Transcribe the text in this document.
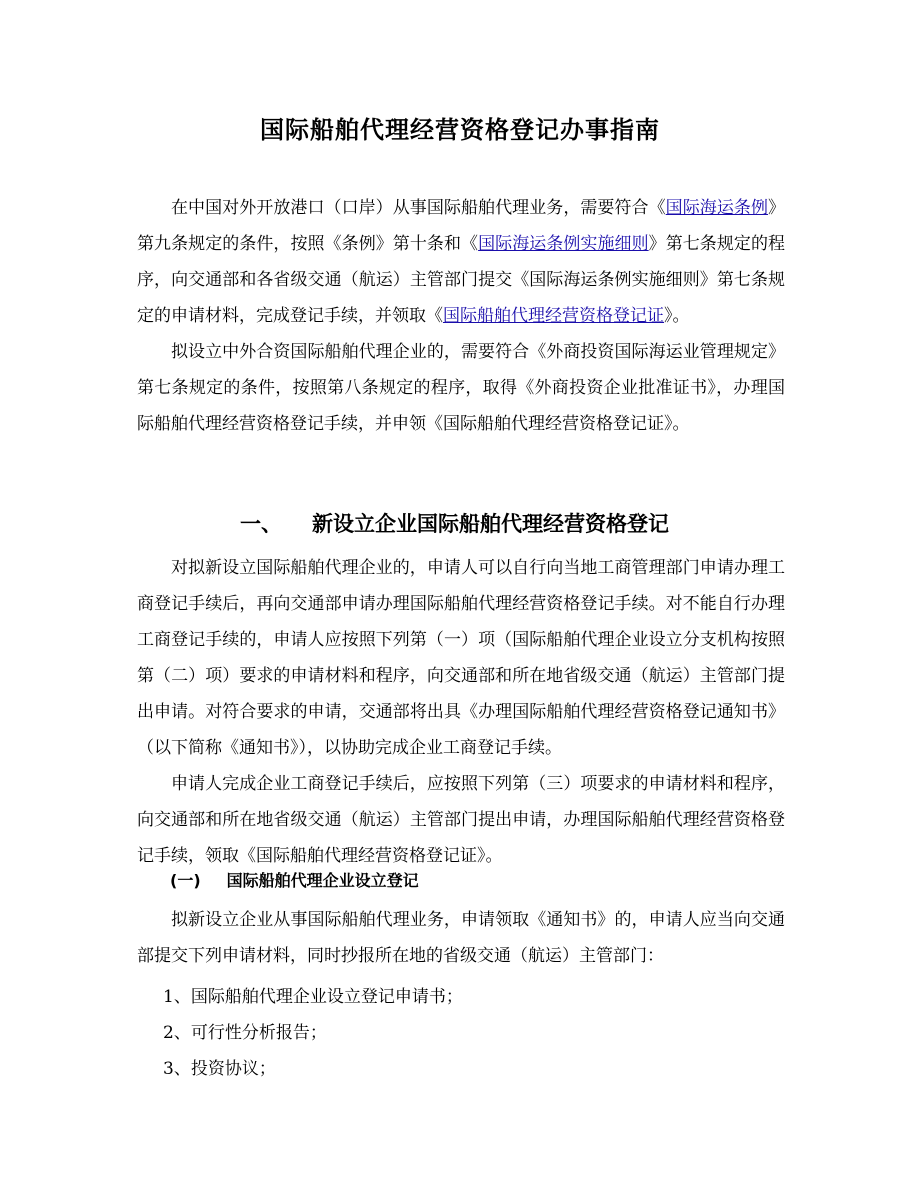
国际船舶代理经营资格登记办事指南

在中国对外开放港口（口岸）从事国际船舶代理业务，需要符合《国际海运条例》第九条规定的条件，按照《条例》第十条和《国际海运条例实施细则》第七条规定的程序，向交通部和各省级交通（航运）主管部门提交《国际海运条例实施细则》第七条规定的申请材料，完成登记手续，并领取《国际船舶代理经营资格登记证》。

拟设立中外合资国际船舶代理企业的，需要符合《外商投资国际海运业管理规定》第七条规定的条件，按照第八条规定的程序，取得《外商投资企业批准证书》，办理国际船舶代理经营资格登记手续，并申领《国际船舶代理经营资格登记证》。

一、 新设立企业国际船舶代理经营资格登记

对拟新设立国际船舶代理企业的，申请人可以自行向当地工商管理部门申请办理工商登记手续后，再向交通部申请办理国际船舶代理经营资格登记手续。对不能自行办理工商登记手续的，申请人应按照下列第（一）项（国际船舶代理企业设立分支机构按照第（二）项）要求的申请材料和程序，向交通部和所在地省级交通（航运）主管部门提出申请。对符合要求的申请，交通部将出具《办理国际船舶代理经营资格登记通知书》（以下简称《通知书》），以协助完成企业工商登记手续。

申请人完成企业工商登记手续后，应按照下列第（三）项要求的申请材料和程序，向交通部和所在地省级交通（航运）主管部门提出申请，办理国际船舶代理经营资格登记手续，领取《国际船舶代理经营资格登记证》。

(一) 国际船舶代理企业设立登记

拟新设立企业从事国际船舶代理业务，申请领取《通知书》的，申请人应当向交通部提交下列申请材料，同时抄报所在地的省级交通（航运）主管部门：

1、国际船舶代理企业设立登记申请书；

2、可行性分析报告；

3、投资协议；
